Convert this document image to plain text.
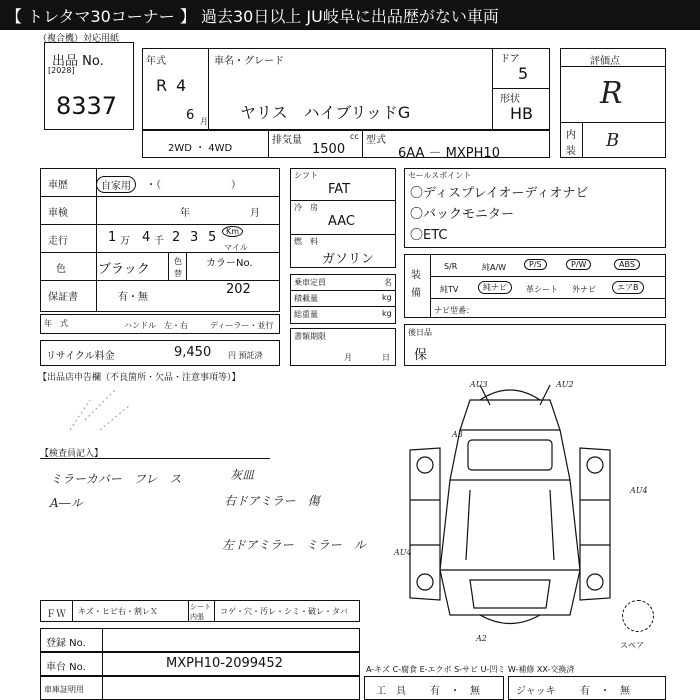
【 トレタマ30コーナー 】 過去30日以上 JU岐阜に出品歴がない車両
（複合機）対応用紙
出品 No.
[2028]
8337
年式
R 4
6 月
車名・グレード
ヤリス　ハイブリッドG
ドア
5
形状
HB
評価点
R
内
装
B
2WD ・ 4WD
排気量	cc
1500
型式
6AA － MXPH10
車歴	自家用	・（　　　　　　　）
車検	年	月
走行	1 万 4 千 2 3 5	Km
マイル
色 ブラック
色
替
カラーNo.
保証書	有・無
202
年　式	ハンドル　左・右	ディーラー・並行
リサイクル料金	9,450 円 預託済
シフト
FAT
冷　房
AAC
燃　料
ガソリン
乗車定員	名
積載量	kg
総重量	kg
書類期限
月	日
セールスポイント
〇ディスプレイオーディオナビ
〇バックモニター
〇ETC
装
備
S/R	純A/W	P/S	P/W	ABS
純TV	純ナビ	革シート 外ナビ	エアB
ナビ型番：
後日品
保
【出品店申告欄（不良箇所・欠品・注意事項等）】
【検査員記入】
ミラーカバー　フレ　ス
A―ル
灰皿
右ドアミラー　傷
左ドアミラー　ミラー　ル
AU3	AU2
A3
AU4
AU4
A2
スペア
ＦＷ キズ・ヒビ右・割レＸ	シート
内張
コゲ・穴・汚レ・シミ・破レ・タバ
登録 No.
車台 No.	MXPH10-2099452
車庫証明用
A-キズ C-腐食 E-エクボ S-サビ U-凹ミ W-補修 XX-交換済
工　具 有　・　無	ジャッキ 有　・　無
